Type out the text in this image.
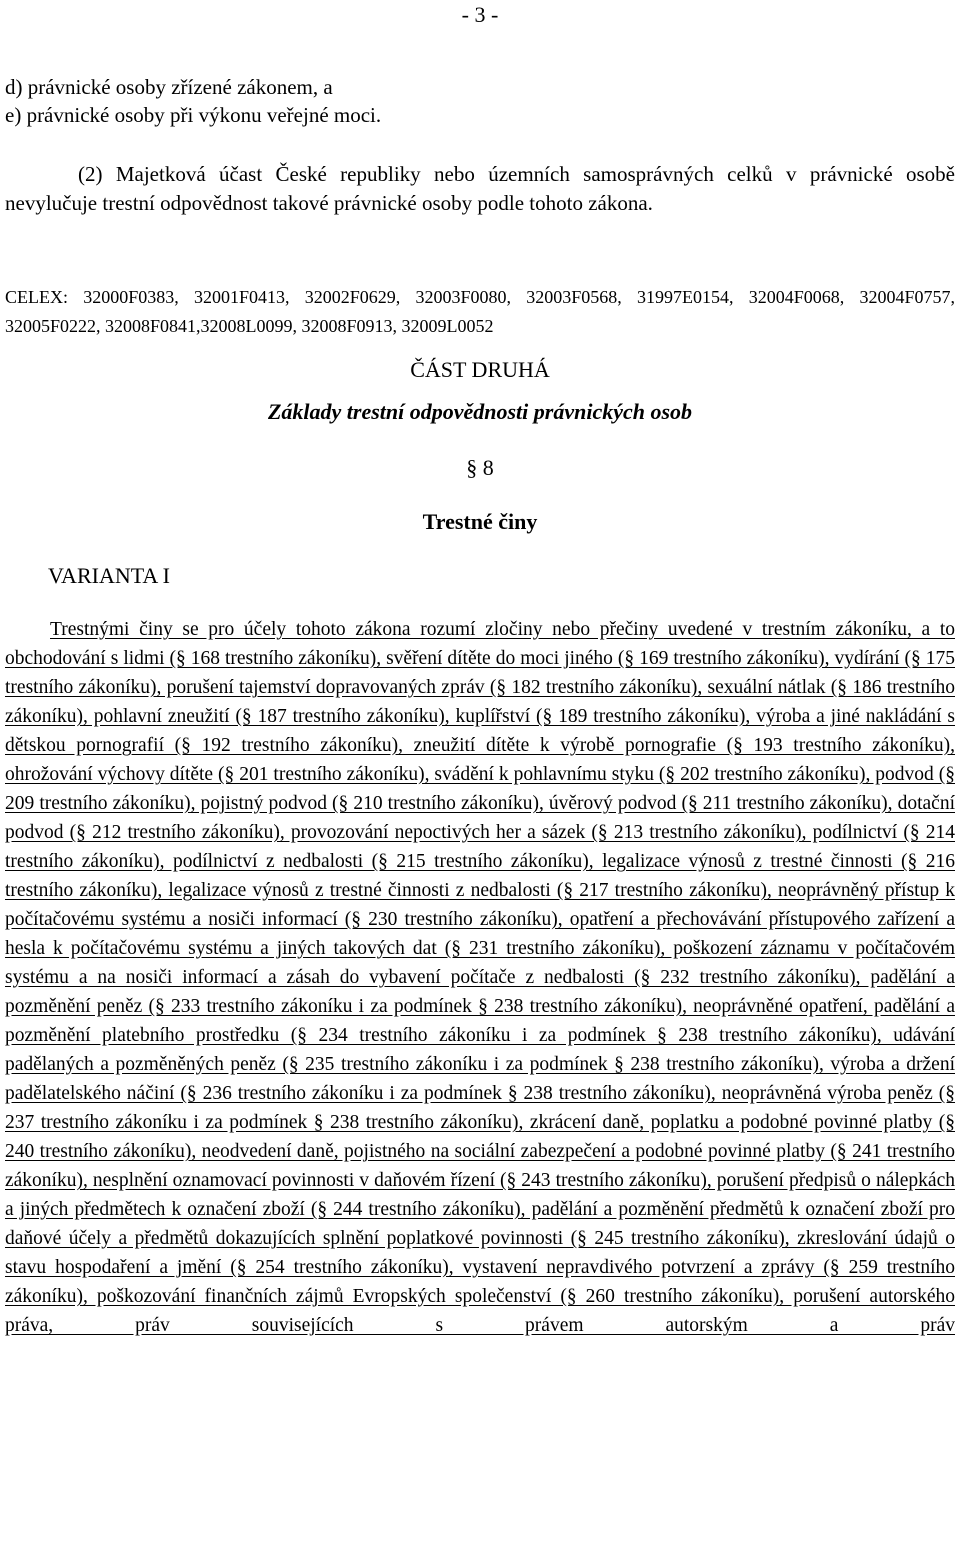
- 3 -
d) právnické osoby zřízené zákonem, a
e) právnické osoby při výkonu veřejné moci.

(2) Majetková účast České republiky nebo územních samosprávných celků v právnické osobě nevylučuje trestní odpovědnost takové právnické osoby podle tohoto zákona.

CELEX: 32000F0383, 32001F0413, 32002F0629, 32003F0080, 32003F0568, 31997E0154, 32004F0068, 32004F0757, 32005F0222, 32008F0841,32008L0099, 32008F0913, 32009L0052
ČÁST DRUHÁ
Základy trestní odpovědnosti právnických osob
§ 8
Trestné činy
VARIANTA I

Trestnými činy se pro účely tohoto zákona rozumí zločiny nebo přečiny uvedené v trestním zákoníku, a to obchodování s lidmi (§ 168 trestního zákoníku), svěření dítěte do moci jiného (§ 169 trestního zákoníku), vydírání (§ 175 trestního zákoníku), porušení tajemství dopravovaných zpráv (§ 182 trestního zákoníku), sexuální nátlak (§ 186 trestního zákoníku), pohlavní zneužití (§ 187 trestního zákoníku), kuplířství (§ 189 trestního zákoníku), výroba a jiné nakládání s dětskou pornografií (§ 192 trestního zákoníku), zneužití dítěte k výrobě pornografie (§ 193 trestního zákoníku), ohrožování výchovy dítěte (§ 201 trestního zákoníku), svádění k pohlavnímu styku (§ 202 trestního zákoníku), podvod (§ 209 trestního zákoníku), pojistný podvod (§ 210 trestního zákoníku), úvěrový podvod (§ 211 trestního zákoníku), dotační podvod (§ 212 trestního zákoníku), provozování nepoctivých her a sázek (§ 213 trestního zákoníku), podílnictví (§ 214 trestního zákoníku), podílnictví z nedbalosti (§ 215 trestního zákoníku), legalizace výnosů z trestné činnosti (§ 216 trestního zákoníku), legalizace výnosů z trestné činnosti z nedbalosti (§ 217 trestního zákoníku), neoprávněný přístup k počítačovému systému a nosiči informací (§ 230 trestního zákoníku), opatření a přechovávání přístupového zařízení a hesla k počítačovému systému a jiných takových dat (§ 231 trestního zákoníku), poškození záznamu v počítačovém systému a na nosiči informací a zásah do vybavení počítače z nedbalosti (§ 232 trestního zákoníku), padělání a pozměnění peněz (§ 233 trestního zákoníku i za podmínek § 238 trestního zákoníku), neoprávněné opatření, padělání a pozměnění platebního prostředku (§ 234 trestního zákoníku i za podmínek § 238 trestního zákoníku), udávání padělaných a pozměněných peněz (§ 235 trestního zákoníku i za podmínek § 238 trestního zákoníku), výroba a držení padělatelského náčiní (§ 236 trestního zákoníku i za podmínek § 238 trestního zákoníku), neoprávněná výroba peněz (§ 237 trestního zákoníku i za podmínek § 238 trestního zákoníku), zkrácení daně, poplatku a podobné povinné platby (§ 240 trestního zákoníku), neodvedení daně, pojistného na sociální zabezpečení a podobné povinné platby (§ 241 trestního zákoníku), nesplnění oznamovací povinnosti v daňovém řízení (§ 243 trestního zákoníku), porušení předpisů o nálepkách a jiných předmětech k označení zboží (§ 244 trestního zákoníku), padělání a pozměnění předmětů k označení zboží pro daňové účely a předmětů dokazujících splnění poplatkové povinnosti (§ 245 trestního zákoníku), zkreslování údajů o stavu hospodaření a jmění (§ 254 trestního zákoníku), vystavení nepravdivého potvrzení a zprávy (§ 259 trestního zákoníku), poškozování finančních zájmů Evropských společenství (§ 260 trestního zákoníku), porušení autorského práva, práv souvisejících s právem autorským a práv
